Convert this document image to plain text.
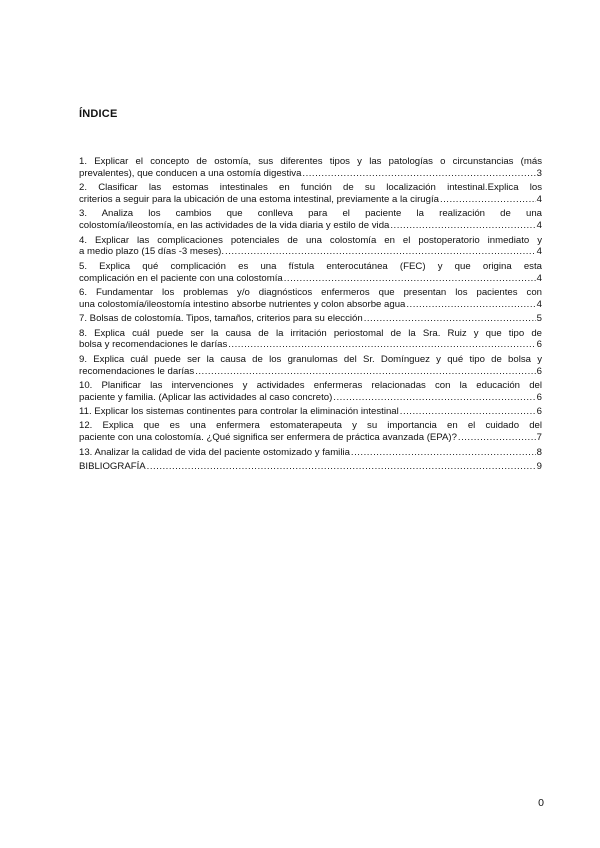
ÍNDICE
1. Explicar el concepto de ostomía, sus diferentes tipos y las patologías o circunstancias (más
prevalentes), que conducen a una ostomía digestiva .....	3
2. Clasificar las estomas intestinales en función de su localización intestinal.Explica los
criterios a seguir para la ubicación de una estoma intestinal, previamente a la cirugía .....	4
3. Analiza los cambios que conlleva para el paciente la realización de una
colostomía/ileostomía, en las actividades de la vida diaria y estilo de vida .....	4
4. Explicar las complicaciones potenciales de una colostomía en el postoperatorio inmediato y
a medio plazo (15 días -3 meses). .....	4
5. Explica qué complicación es una fístula enterocutánea (FEC) y que origina esta
complicación en el paciente con una colostomía .....	4
6. Fundamentar los problemas y/o diagnósticos enfermeros que presentan los pacientes con
una colostomía/ileostomía intestino absorbe nutrientes y colon absorbe agua .....	4
7. Bolsas de colostomía. Tipos, tamaños, criterios para su elección .....	5
8. Explica cuál puede ser la causa de la irritación periostomal de la Sra. Ruiz y que tipo de
bolsa y recomendaciones le darías .....	6
9. Explica cuál puede ser la causa de los granulomas del Sr. Domínguez y qué tipo de bolsa y
recomendaciones le darías .....	6
10. Planificar las intervenciones y actividades enfermeras relacionadas con la educación del
paciente y familia. (Aplicar las actividades al caso concreto) .....	6
11. Explicar los sistemas continentes para controlar la eliminación intestinal .....	6
12. Explica que es una enfermera estomaterapeuta y su importancia en el cuidado del
paciente con una colostomía. ¿Qué significa ser enfermera de práctica avanzada (EPA)? .....	7
13. Analizar la calidad de vida del paciente ostomizado y familia .....	8
BIBLIOGRAFÍA .....	9
0
